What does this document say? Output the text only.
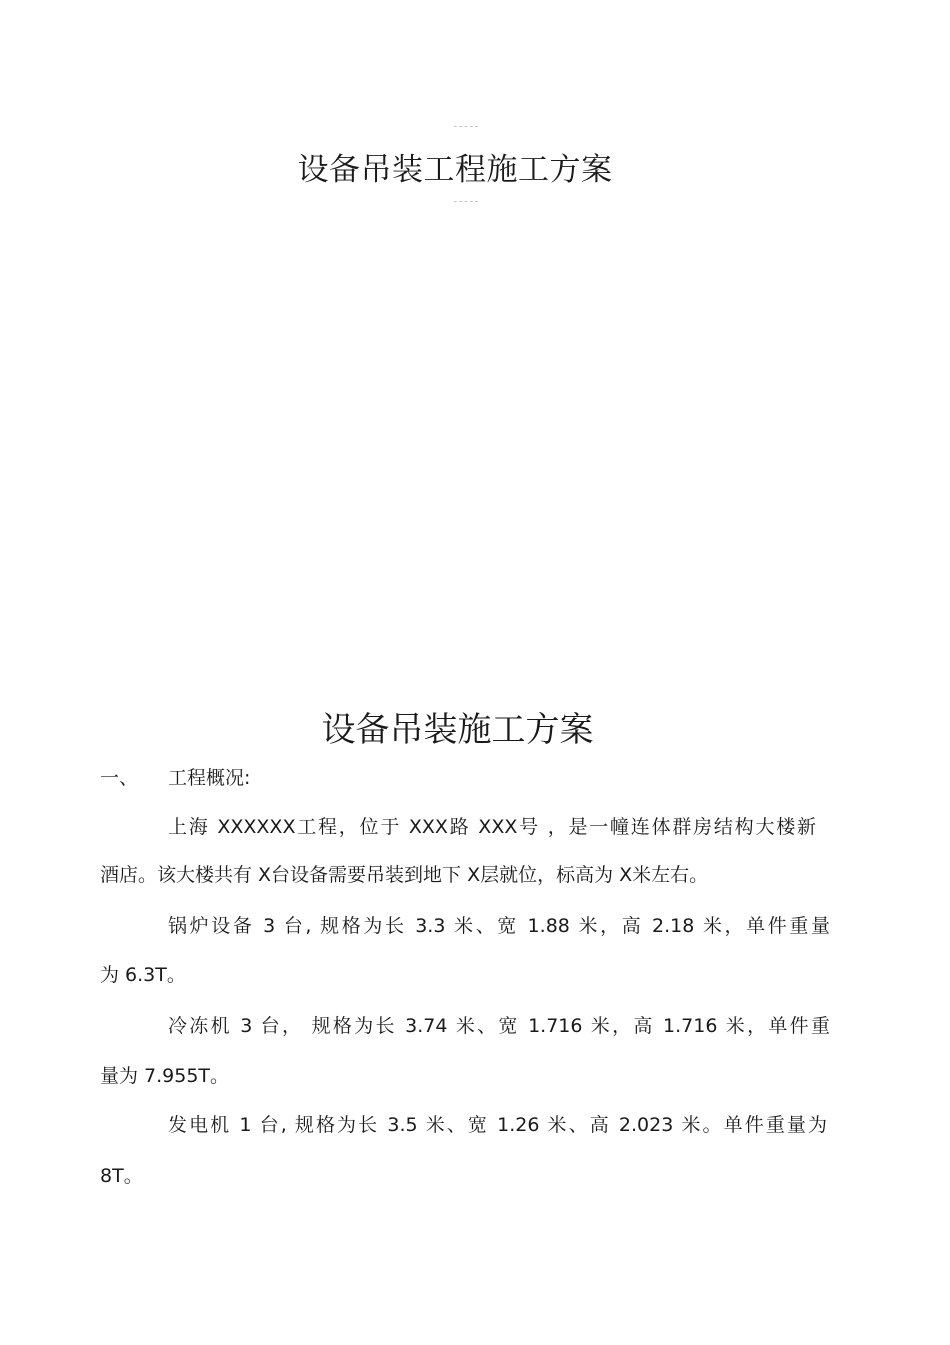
设备吊装工程施工方案
设备吊装施工方案
一、 工程概况:
上海 XXXXXX工程，位于 XXX路 XXX号 ，是一幢连体群房结构大楼新
酒店。该大楼共有 X台设备需要吊装到地下 X层就位，标高为 X米左右。
锅炉设备 3 台, 规格为长 3.3 米、宽 1.88 米，高 2.18 米，单件重量
为 6.3T。
冷冻机 3 台， 规格为长 3.74 米、宽 1.716 米，高 1.716 米，单件重
量为 7.955T。
发电机 1 台, 规格为长 3.5 米、宽 1.26 米、高 2.023 米。单件重量为
8T。
